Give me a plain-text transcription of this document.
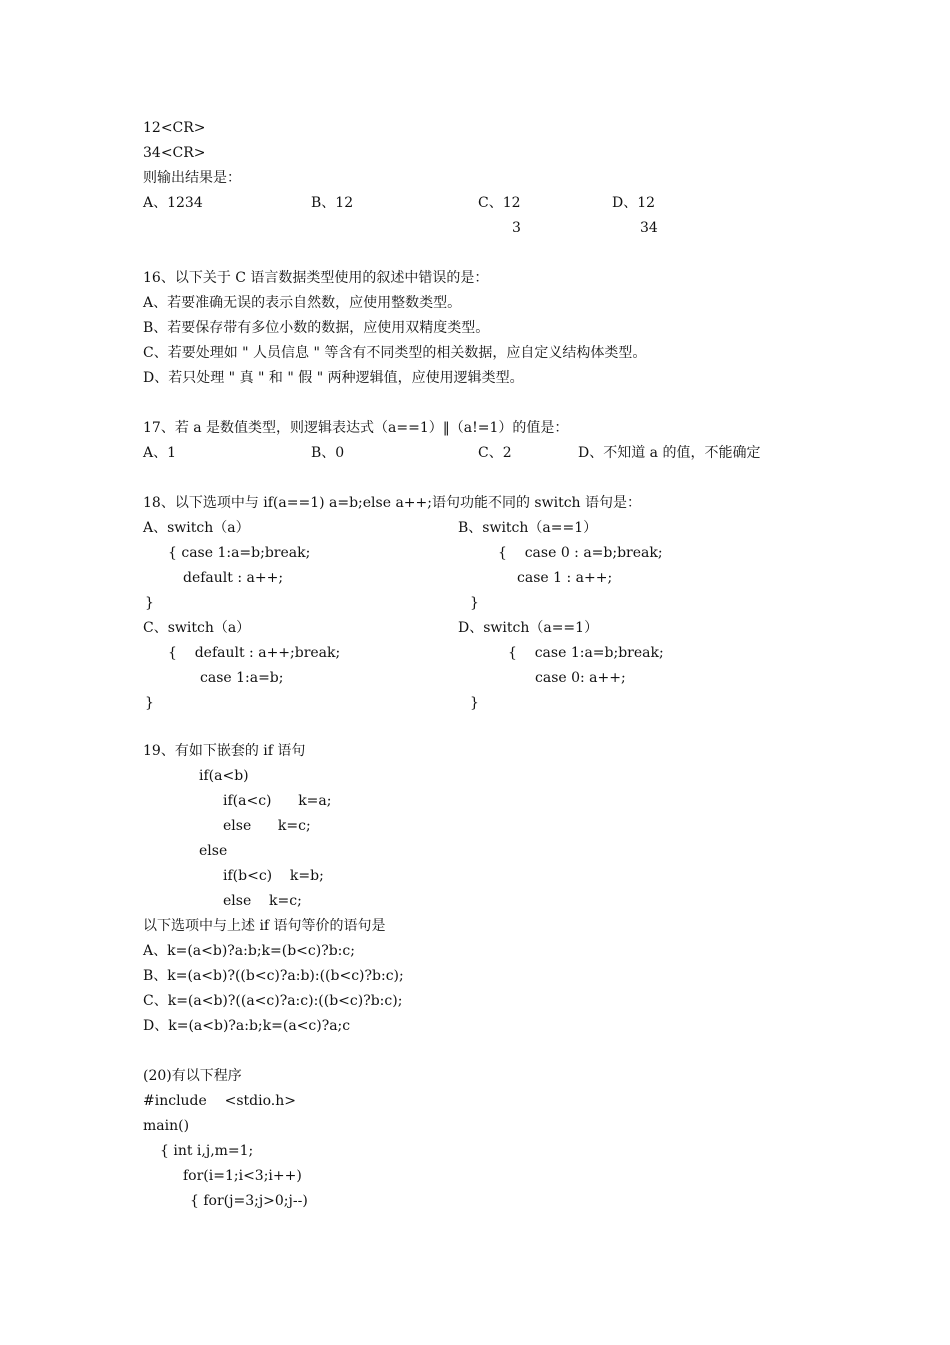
12<CR>
34<CR>
则输出结果是：
A、1234	B、12	C、12
3
D、12
34
16、以下关于 C 语言数据类型使用的叙述中错误的是：
A、若要准确无误的表示自然数，应使用整数类型。
B、若要保存带有多位小数的数据，应使用双精度类型。
C、若要处理如 " 人员信息 " 等含有不同类型的相关数据，应自定义结构体类型。
D、若只处理 " 真 " 和 " 假 " 两种逻辑值，应使用逻辑类型。
17、若 a 是数值类型，则逻辑表达式（a==1）‖（a!=1）的值是：
A、1	B、0	C、2	D、不知道 a 的值，不能确定
18、以下选项中与 if(a==1) a=b;else a++;语句功能不同的 switch 语句是：
A、switch（a）
{ case 1:a=b;break;
default : a++;
}
B、switch（a==1）
{    case 0 : a=b;break;
case 1 : a++;
}
C、switch（a）
{    default : a++;break;
case 1:a=b;
}
D、switch（a==1）
{    case 1:a=b;break;
case 0: a++;
}
19、有如下嵌套的 if 语句
if(a<b)
if(a<c)      k=a;
else      k=c;
else
if(b<c)    k=b;
else    k=c;
以下选项中与上述 if 语句等价的语句是
A、k=(a<b)?a:b;k=(b<c)?b:c;
B、k=(a<b)?((b<c)?a:b):((b<c)?b:c);
C、k=(a<b)?((a<c)?a:c):((b<c)?b:c);
D、k=(a<b)?a:b;k=(a<c)?a;c
(20)有以下程序
#include    <stdio.h>
main()
{ int i,j,m=1;
for(i=1;i<3;i++)
{ for(j=3;j>0;j--)
